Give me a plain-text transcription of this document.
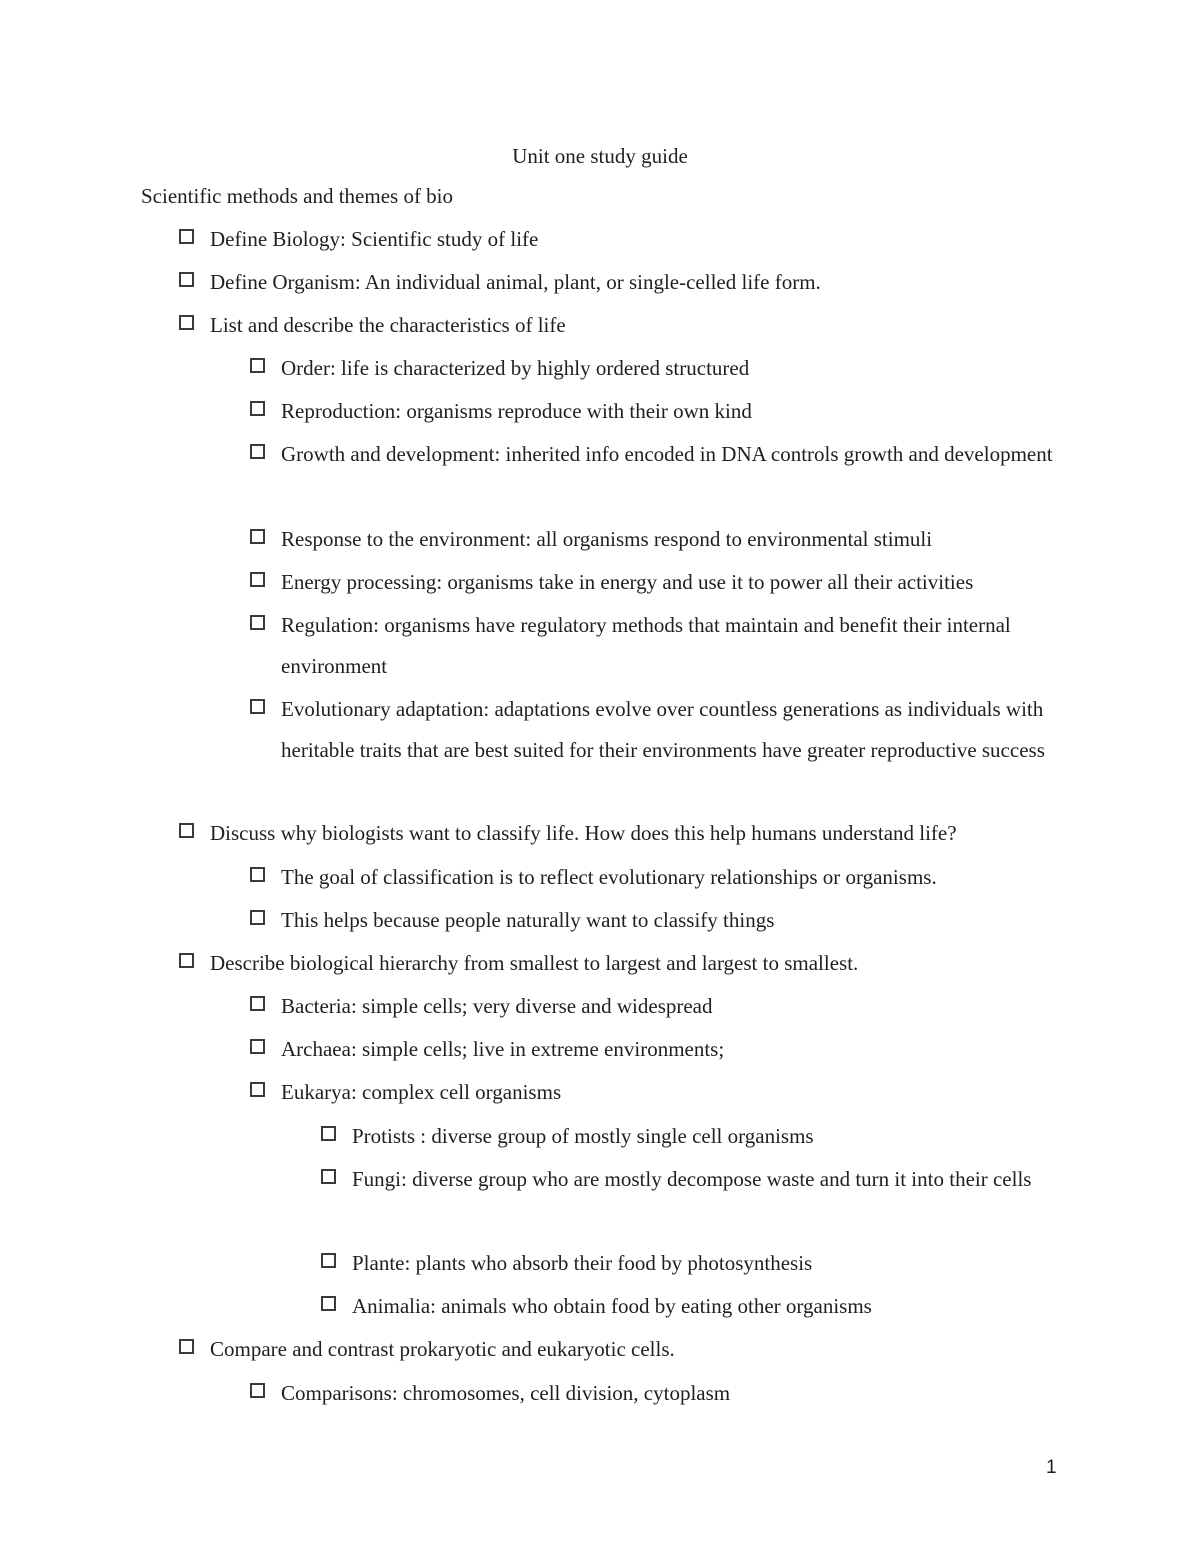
Unit one study guide
Scientific methods and themes of bio
Define Biology: Scientific study of life
Define Organism: An individual animal, plant, or single-celled life form.
List and describe the characteristics of life
Order: life is characterized by highly ordered structured
Reproduction: organisms reproduce with their own kind
Growth and development: inherited info encoded in DNA controls growth and development
Response to the environment: all organisms respond to environmental stimuli
Energy processing: organisms take in energy and use it to power all their activities
Regulation: organisms have regulatory methods that maintain and benefit their internal environment
Evolutionary adaptation: adaptations evolve over countless generations as individuals with heritable traits that are best suited for their environments have greater reproductive success
Discuss why biologists want to classify life. How does this help humans understand life?
The goal of classification is to reflect evolutionary relationships or organisms.
This helps because people naturally want to classify things
Describe biological hierarchy from smallest to largest and largest to smallest.
Bacteria: simple cells; very diverse and widespread
Archaea: simple cells; live in extreme environments;
Eukarya: complex cell organisms
Protists : diverse group of mostly single cell organisms
Fungi: diverse group who are mostly decompose waste and turn it into their cells
Plante: plants who absorb their food by photosynthesis
Animalia: animals who obtain food by eating other organisms
Compare and contrast prokaryotic and eukaryotic cells.
Comparisons: chromosomes, cell division, cytoplasm
1
